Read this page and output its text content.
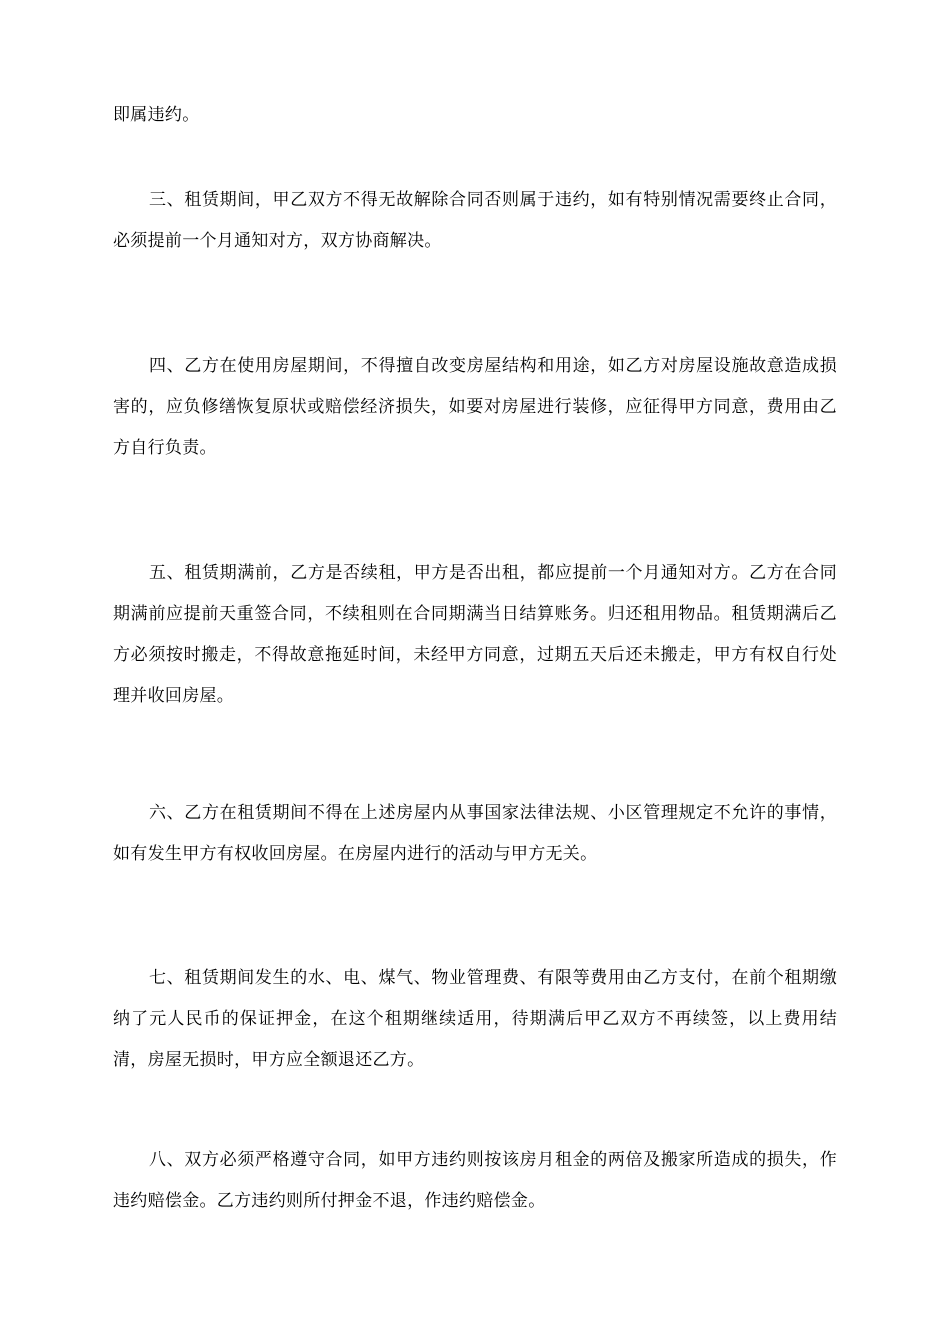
即属违约。

三、租赁期间，甲乙双方不得无故解除合同否则属于违约，如有特别情况需要终止合同，必须提前一个月通知对方，双方协商解决。

四、乙方在使用房屋期间，不得擅自改变房屋结构和用途，如乙方对房屋设施故意造成损害的，应负修缮恢复原状或赔偿经济损失，如要对房屋进行装修，应征得甲方同意，费用由乙方自行负责。

五、租赁期满前，乙方是否续租，甲方是否出租，都应提前一个月通知对方。乙方在合同期满前应提前天重签合同，不续租则在合同期满当日结算账务。归还租用物品。租赁期满后乙方必须按时搬走，不得故意拖延时间，未经甲方同意，过期五天后还未搬走，甲方有权自行处理并收回房屋。

六、乙方在租赁期间不得在上述房屋内从事国家法律法规、小区管理规定不允许的事情，如有发生甲方有权收回房屋。在房屋内进行的活动与甲方无关。

七、租赁期间发生的水、电、煤气、物业管理费、有限等费用由乙方支付，在前个租期缴纳了元人民币的保证押金，在这个租期继续适用，待期满后甲乙双方不再续签，以上费用结清，房屋无损时，甲方应全额退还乙方。

八、双方必须严格遵守合同，如甲方违约则按该房月租金的两倍及搬家所造成的损失，作违约赔偿金。乙方违约则所付押金不退，作违约赔偿金。
